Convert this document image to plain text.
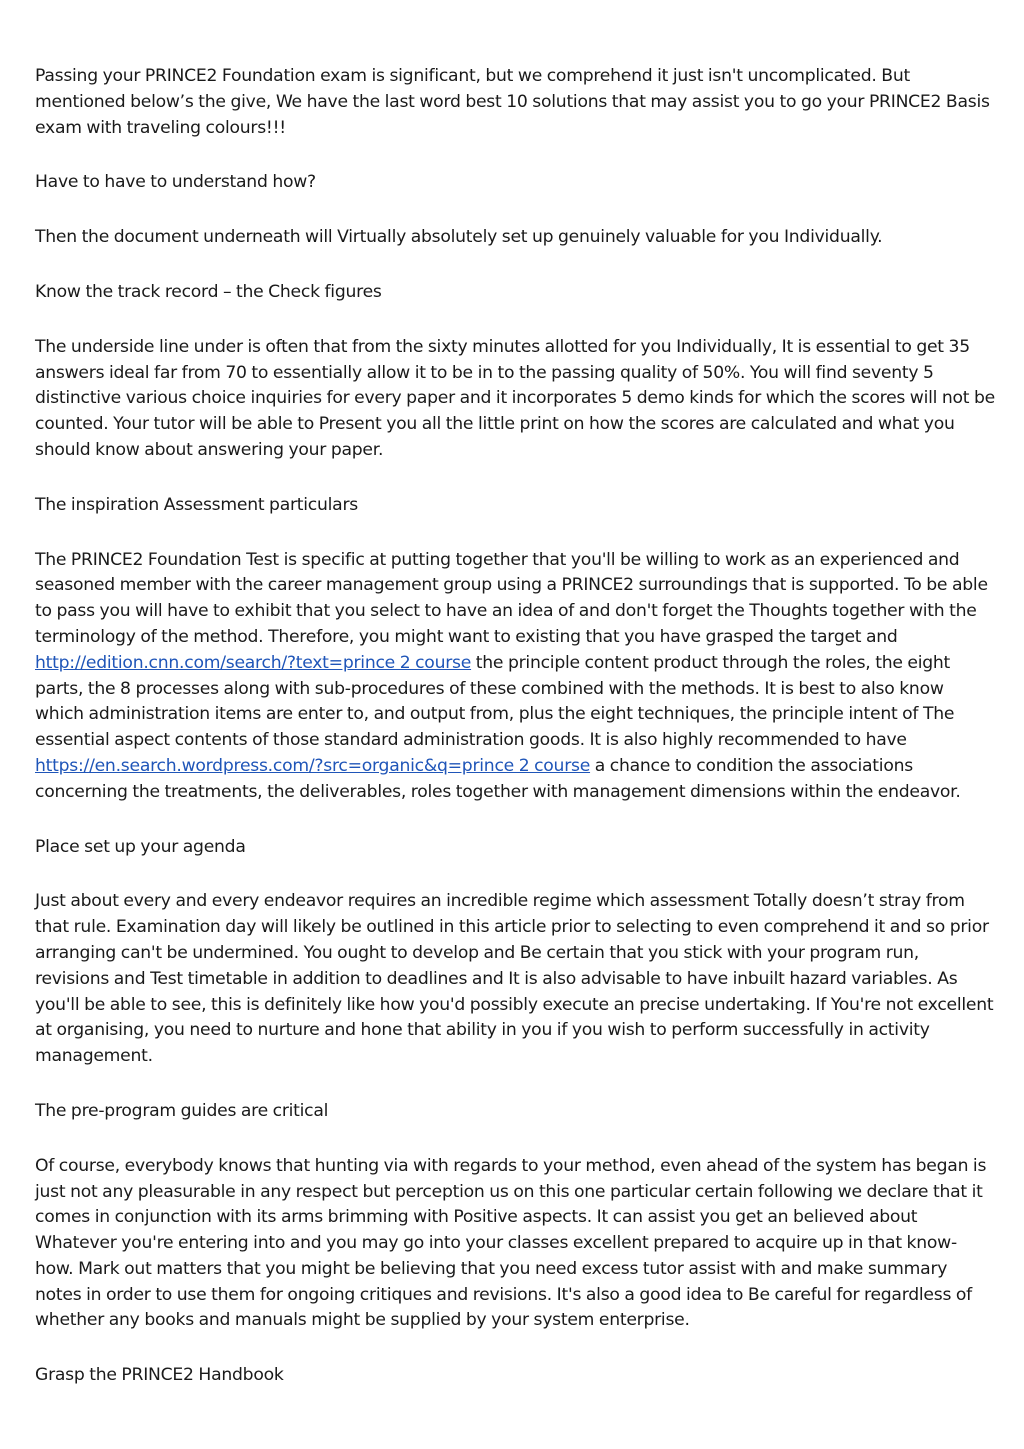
Passing your PRINCE2 Foundation exam is significant, but we comprehend it just isn't uncomplicated. But mentioned below’s the give, We have the last word best 10 solutions that may assist you to go your PRINCE2 Basis exam with traveling colours!!!

Have to have to understand how?

Then the document underneath will Virtually absolutely set up genuinely valuable for you Individually.

Know the track record – the Check figures

The underside line under is often that from the sixty minutes allotted for you Individually, It is essential to get 35 answers ideal far from 70 to essentially allow it to be in to the passing quality of 50%. You will find seventy 5 distinctive various choice inquiries for every paper and it incorporates 5 demo kinds for which the scores will not be counted. Your tutor will be able to Present you all the little print on how the scores are calculated and what you should know about answering your paper.

The inspiration Assessment particulars

The PRINCE2 Foundation Test is specific at putting together that you'll be willing to work as an experienced and seasoned member with the career management group using a PRINCE2 surroundings that is supported. To be able to pass you will have to exhibit that you select to have an idea of and don't forget the Thoughts together with the terminology of the method. Therefore, you might want to existing that you have grasped the target and http://edition.cnn.com/search/?text=prince 2 course the principle content product through the roles, the eight parts, the 8 processes along with sub-procedures of these combined with the methods. It is best to also know which administration items are enter to, and output from, plus the eight techniques, the principle intent of The essential aspect contents of those standard administration goods. It is also highly recommended to have https://en.search.wordpress.com/?src=organic&q=prince 2 course a chance to condition the associations concerning the treatments, the deliverables, roles together with management dimensions within the endeavor.

Place set up your agenda

Just about every and every endeavor requires an incredible regime which assessment Totally doesn’t stray from that rule. Examination day will likely be outlined in this article prior to selecting to even comprehend it and so prior arranging can't be undermined. You ought to develop and Be certain that you stick with your program run, revisions and Test timetable in addition to deadlines and It is also advisable to have inbuilt hazard variables. As you'll be able to see, this is definitely like how you'd possibly execute an precise undertaking. If You're not excellent at organising, you need to nurture and hone that ability in you if you wish to perform successfully in activity management.

The pre-program guides are critical

Of course, everybody knows that hunting via with regards to your method, even ahead of the system has began is just not any pleasurable in any respect but perception us on this one particular certain following we declare that it comes in conjunction with its arms brimming with Positive aspects. It can assist you get an believed about Whatever you're entering into and you may go into your classes excellent prepared to acquire up in that know-how. Mark out matters that you might be believing that you need excess tutor assist with and make summary notes in order to use them for ongoing critiques and revisions. It's also a good idea to Be careful for regardless of whether any books and manuals might be supplied by your system enterprise.

Grasp the PRINCE2 Handbook
